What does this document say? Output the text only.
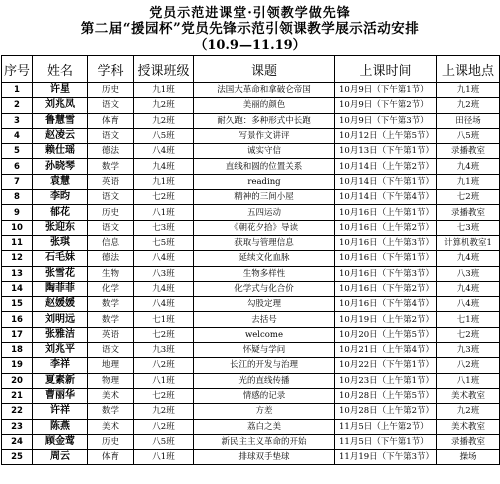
党员示范进课堂·引领教学做先锋
第二届“援园杯”党员先锋示范引领课教学展示活动安排
（10.9—11.19）
序号	姓名	学科	授课班级	课题	上课时间	上课地点
1	许星	历史	九1班	法国大革命和拿破仑帝国	10月9日（下午第1节）	九1班
2	刘兆凤	语文	九2班	美丽的颜色	10月9日（下午第2节）	九2班
3	鲁慧雪	体育	九2班	耐久跑：多种形式中长跑	10月9日（下午第3节）	田径场
4	赵凌云	语文	八5班	写景作文讲评	10月12日（上午第5节）	八5班
5	赖仕瑶	德法	八4班	诚实守信	10月13日（下午第1节）	录播教室
6	孙晓琴	数学	九4班	直线和圆的位置关系	10月14日（上午第2节）	九4班
7	袁慧	英语	九1班	reading	10月14日（下午第1节）	九1班
8	李昀	语文	七2班	精神的三间小屋	10月14日（下午第4节）	七2班
9	郁花	历史	八1班	五四运动	10月16日（上午第1节）	录播教室
10	张迎东	语文	七3班	《朝花夕拾》导读	10月16日（上午第2节）	七3班
11	张琪	信息	七5班	获取与管理信息	10月16日（上午第3节）	计算机教室1
12	石毛妹	德法	八4班	延续文化血脉	10月16日（下午第1节）	九4班
13	张雪花	生物	八3班	生物多样性	10月16日（下午第3节）	八3班
14	陶菲菲	化学	九4班	化学式与化合价	10月16日（下午第2节）	九4班
15	赵媛媛	数学	八4班	勾股定理	10月16日（下午第4节）	八4班
16	刘明远	数学	七1班	去括号	10月19日（上午第2节）	七1班
17	张雅洁	英语	七2班	welcome	10月20日（上午第5节）	七2班
18	刘兆平	语文	九3班	怀疑与学问	10月21日（上午第4节）	九3班
19	李祥	地理	八2班	长江的开发与治理	10月22日（下午第1节）	八2班
20	夏素新	物理	八1班	光的直线传播	10月23日（上午第1节）	八1班
21	曹丽华	美术	七2班	情感的记录	10月28日（上午第5节）	美术教室
22	许祥	数学	九2班	方差	10月28日（上午第2节）	九2班
23	陈燕	美术	八2班	荔白之美	11月5日（上午第2节）	美术教室
24	顾金莺	历史	八5班	新民主主义革命的开始	11月5日（下午第1节）	录播教室
25	周云	体育	八1班	排球双手垫球	11月19日（下午第3节）	操场
